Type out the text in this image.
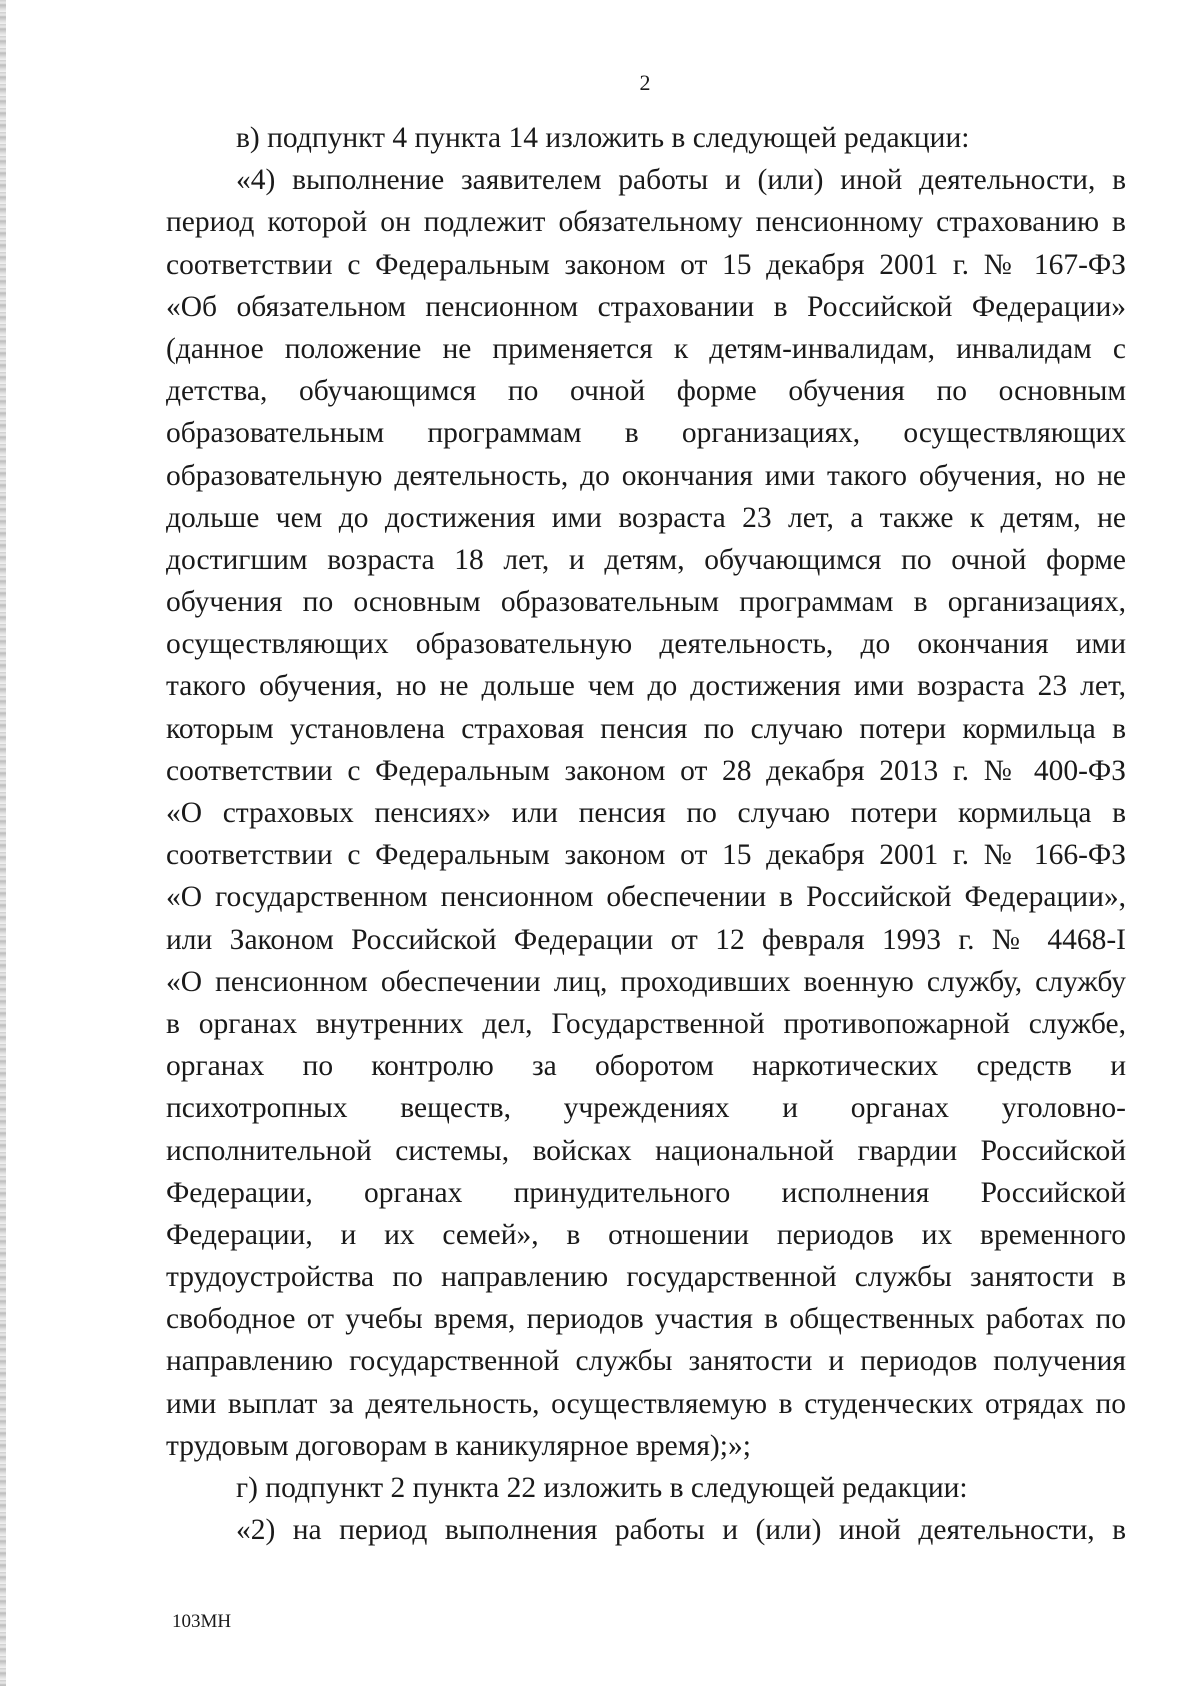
2
в) подпункт 4 пункта 14 изложить в следующей редакции:
«4) выполнение заявителем работы и (или) иной деятельности, в
период которой он подлежит обязательному пенсионному страхованию в
соответствии с Федеральным законом от 15 декабря 2001 г. № 167-ФЗ
«Об обязательном пенсионном страховании в Российской Федерации»
(данное положение не применяется к детям-инвалидам, инвалидам с
детства, обучающимся по очной форме обучения по основным
образовательным программам в организациях, осуществляющих
образовательную деятельность, до окончания ими такого обучения, но не
дольше чем до достижения ими возраста 23 лет, а также к детям, не
достигшим возраста 18 лет, и детям, обучающимся по очной форме
обучения по основным образовательным программам в организациях,
осуществляющих образовательную деятельность, до окончания ими
такого обучения, но не дольше чем до достижения ими возраста 23 лет,
которым установлена страховая пенсия по случаю потери кормильца в
соответствии с Федеральным законом от 28 декабря 2013 г. № 400-ФЗ
«О страховых пенсиях» или пенсия по случаю потери кормильца в
соответствии с Федеральным законом от 15 декабря 2001 г. № 166-ФЗ
«О государственном пенсионном обеспечении в Российской Федерации»,
или Законом Российской Федерации от 12 февраля 1993 г. № 4468-I
«О пенсионном обеспечении лиц, проходивших военную службу, службу
в органах внутренних дел, Государственной противопожарной службе,
органах по контролю за оборотом наркотических средств и
психотропных веществ, учреждениях и органах уголовно-
исполнительной системы, войсках национальной гвардии Российской
Федерации, органах принудительного исполнения Российской
Федерации, и их семей», в отношении периодов их временного
трудоустройства по направлению государственной службы занятости в
свободное от учебы время, периодов участия в общественных работах по
направлению государственной службы занятости и периодов получения
ими выплат за деятельность, осуществляемую в студенческих отрядах по
трудовым договорам в каникулярное время);»;
г) подпункт 2 пункта 22 изложить в следующей редакции:
«2) на период выполнения работы и (или) иной деятельности, в
103МН
